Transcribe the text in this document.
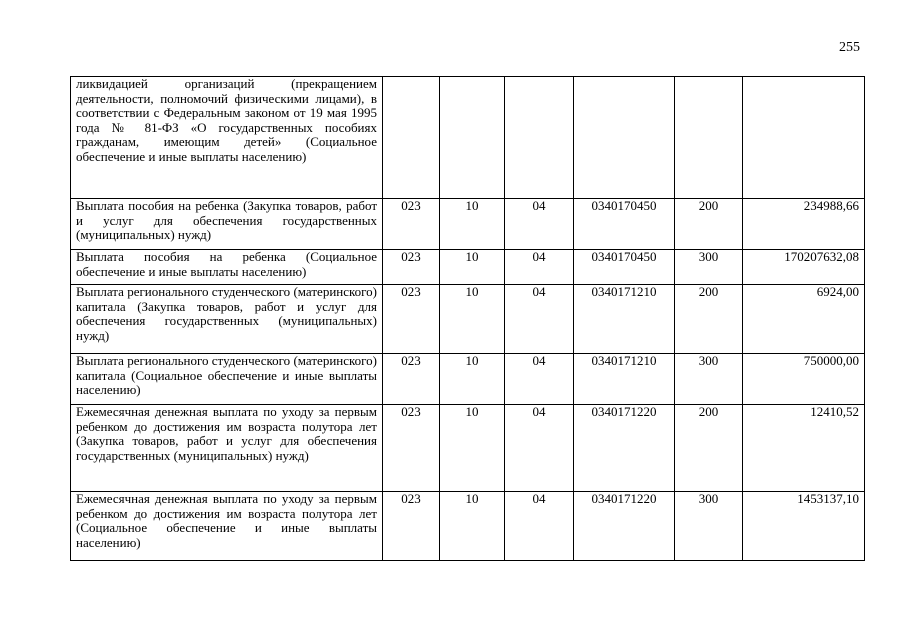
255
ликвидацией организаций (прекращением деятельности, полномочий физическими лицами), в соответствии с Федеральным законом от 19 мая 1995 года № 81-ФЗ «О государственных пособиях гражданам, имеющим детей» (Социальное обеспечение и иные выплаты населению)						
Выплата пособия на ребенка (Закупка товаров, работ и услуг для обеспечения государственных (муниципальных) нужд)	023	10	04	0340170450	200	234988,66
Выплата пособия на ребенка (Социальное обеспечение и иные выплаты населению)	023	10	04	0340170450	300	170207632,08
Выплата регионального студенческого (материнского) капитала (Закупка товаров, работ и услуг для обеспечения государственных (муниципальных) нужд)	023	10	04	0340171210	200	6924,00
Выплата регионального студенческого (материнского) капитала (Социальное обеспечение и иные выплаты населению)	023	10	04	0340171210	300	750000,00
Ежемесячная денежная выплата по уходу за первым ребенком до достижения им возраста полутора лет (Закупка товаров, работ и услуг для обеспечения государственных (муниципальных) нужд)	023	10	04	0340171220	200	12410,52
Ежемесячная денежная выплата по уходу за первым ребенком до достижения им возраста полутора лет (Социальное обеспечение и иные выплаты населению)	023	10	04	0340171220	300	1453137,10
